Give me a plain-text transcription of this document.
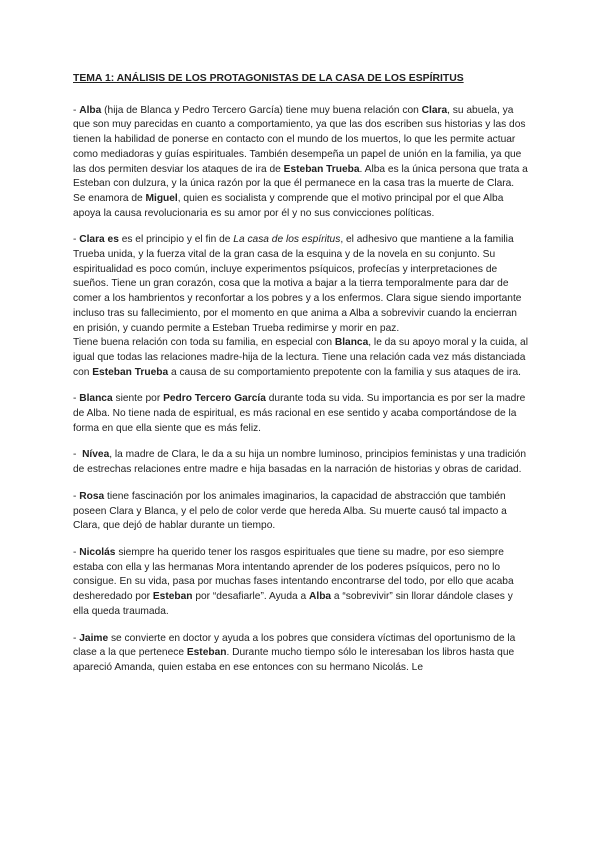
TEMA 1: ANÁLISIS DE LOS PROTAGONISTAS DE LA CASA DE LOS ESPÍRITUS

- Alba (hija de Blanca y Pedro Tercero García) tiene muy buena relación con Clara, su abuela, ya que son muy parecidas en cuanto a comportamiento, ya que las dos escriben sus historias y las dos tienen la habilidad de ponerse en contacto con el mundo de los muertos, lo que les permite actuar como mediadoras y guías espirituales. También desempeña un papel de unión en la familia, ya que las dos permiten desviar los ataques de ira de Esteban Trueba. Alba es la única persona que trata a Esteban con dulzura, y la única razón por la que él permanece en la casa tras la muerte de Clara.

Se enamora de Miguel, quien es socialista y comprende que el motivo principal por el que Alba apoya la causa revolucionaria es su amor por él y no sus convicciones políticas.

- Clara es es el principio y el fin de La casa de los espíritus, el adhesivo que mantiene a la familia Trueba unida, y la fuerza vital de la gran casa de la esquina y de la novela en su conjunto. Su espiritualidad es poco común, incluye experimentos psíquicos, profecías y interpretaciones de sueños. Tiene un gran corazón, cosa que la motiva a bajar a la tierra temporalmente para dar de comer a los hambrientos y reconfortar a los pobres y a los enfermos. Clara sigue siendo importante incluso tras su fallecimiento, por el momento en que anima a Alba a sobrevivir cuando la encierran en prisión, y cuando permite a Esteban Trueba redimirse y morir en paz.

Tiene buena relación con toda su familia, en especial con Blanca, le da su apoyo moral y la cuida, al igual que todas las relaciones madre-hija de la lectura. Tiene una relación cada vez más distanciada con Esteban Trueba a causa de su comportamiento prepotente con la familia y sus ataques de ira.

- Blanca siente por Pedro Tercero García durante toda su vida. Su importancia es por ser la madre de Alba. No tiene nada de espiritual, es más racional en ese sentido y acaba comportándose de la forma en que ella siente que es más feliz.

-  Nívea, la madre de Clara, le da a su hija un nombre luminoso, principios feministas y una tradición de estrechas relaciones entre madre e hija basadas en la narración de historias y obras de caridad.

- Rosa tiene fascinación por los animales imaginarios, la capacidad de abstracción que también poseen Clara y Blanca, y el pelo de color verde que hereda Alba. Su muerte causó tal impacto a Clara, que dejó de hablar durante un tiempo.

- Nicolás siempre ha querido tener los rasgos espirituales que tiene su madre, por eso siempre estaba con ella y las hermanas Mora intentando aprender de los poderes psíquicos, pero no lo consigue. En su vida, pasa por muchas fases intentando encontrarse del todo, por ello que acaba desheredado por Esteban por “desafiarle”. Ayuda a Alba a “sobrevivir” sin llorar dándole clases y ella queda traumada.

- Jaime se convierte en doctor y ayuda a los pobres que considera víctimas del oportunismo de la clase a la que pertenece Esteban. Durante mucho tiempo sólo le interesaban los libros hasta que apareció Amanda, quien estaba en ese entonces con su hermano Nicolás. Le
